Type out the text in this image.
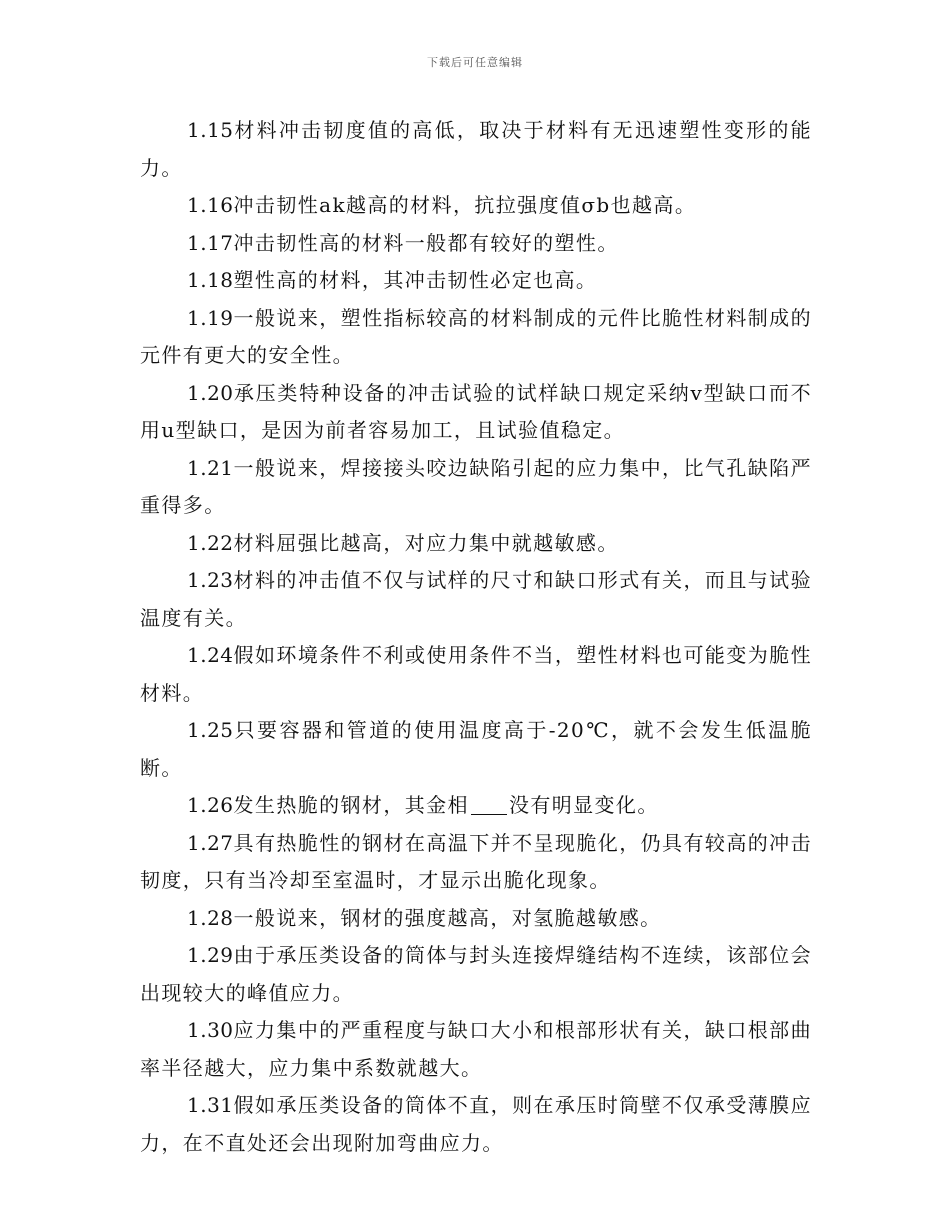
下载后可任意编辑

1.15材料冲击韧度值的高低，取决于材料有无迅速塑性变形的能力。

1.16冲击韧性ak越高的材料，抗拉强度值σb也越高。

1.17冲击韧性高的材料一般都有较好的塑性。

1.18塑性高的材料，其冲击韧性必定也高。

1.19一般说来，塑性指标较高的材料制成的元件比脆性材料制成的元件有更大的安全性。

1.20承压类特种设备的冲击试验的试样缺口规定采纳v型缺口而不用u型缺口，是因为前者容易加工，且试验值稳定。

1.21一般说来，焊接接头咬边缺陷引起的应力集中，比气孔缺陷严重得多。

1.22材料屈强比越高，对应力集中就越敏感。

1.23材料的冲击值不仅与试样的尺寸和缺口形式有关，而且与试验温度有关。

1.24假如环境条件不利或使用条件不当，塑性材料也可能变为脆性材料。

1.25只要容器和管道的使用温度高于-20℃，就不会发生低温脆断。

1.26发生热脆的钢材，其金相 没有明显变化。

1.27具有热脆性的钢材在高温下并不呈现脆化，仍具有较高的冲击韧度，只有当冷却至室温时，才显示出脆化现象。

1.28一般说来，钢材的强度越高，对氢脆越敏感。

1.29由于承压类设备的筒体与封头连接焊缝结构不连续，该部位会出现较大的峰值应力。

1.30应力集中的严重程度与缺口大小和根部形状有关，缺口根部曲率半径越大，应力集中系数就越大。

1.31假如承压类设备的筒体不直，则在承压时筒壁不仅承受薄膜应力，在不直处还会出现附加弯曲应力。
